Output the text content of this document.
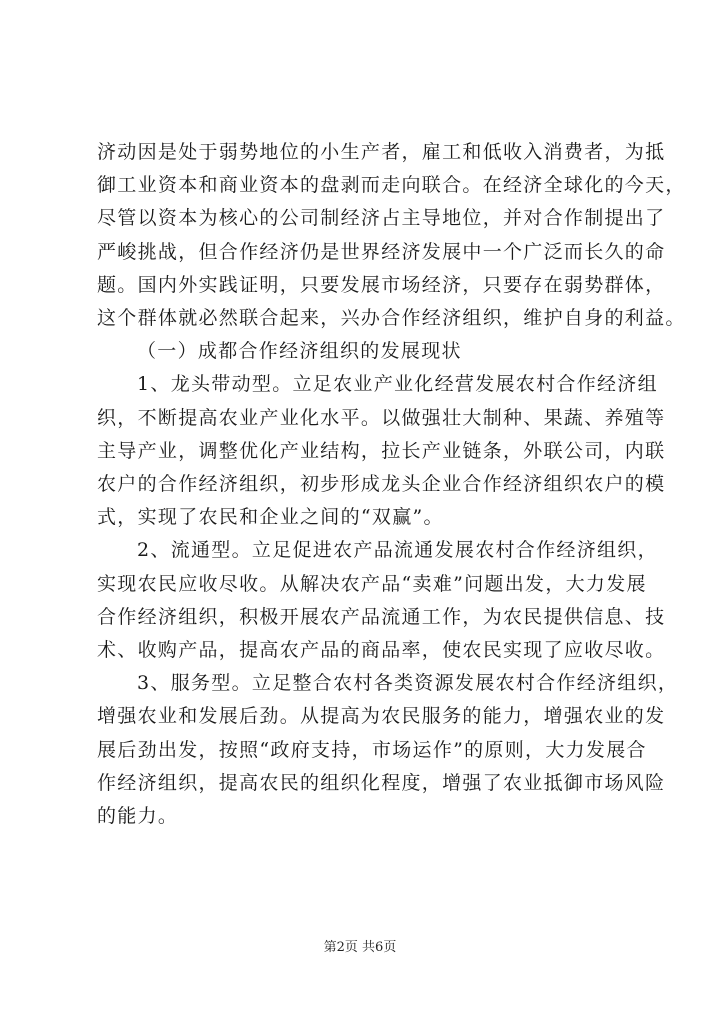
济动因是处于弱势地位的小生产者，雇工和低收入消费者，为抵
御工业资本和商业资本的盘剥而走向联合。在经济全球化的今天，
尽管以资本为核心的公司制经济占主导地位，并对合作制提出了
严峻挑战，但合作经济仍是世界经济发展中一个广泛而长久的命
题。国内外实践证明，只要发展市场经济，只要存在弱势群体，
这个群体就必然联合起来，兴办合作经济组织，维护自身的利益。
（一）成都合作经济组织的发展现状
1、龙头带动型。立足农业产业化经营发展农村合作经济组
织，不断提高农业产业化水平。以做强壮大制种、果蔬、养殖等
主导产业，调整优化产业结构，拉长产业链条，外联公司，内联
农户的合作经济组织，初步形成龙头企业合作经济组织农户的模
式，实现了农民和企业之间的“双赢”。
2、流通型。立足促进农产品流通发展农村合作经济组织，
实现农民应收尽收。从解决农产品“卖难”问题出发，大力发展
合作经济组织，积极开展农产品流通工作，为农民提供信息、技
术、收购产品，提高农产品的商品率，使农民实现了应收尽收。
3、服务型。立足整合农村各类资源发展农村合作经济组织，
增强农业和发展后劲。从提高为农民服务的能力，增强农业的发
展后劲出发，按照“政府支持，市场运作”的原则，大力发展合
作经济组织，提高农民的组织化程度，增强了农业抵御市场风险
的能力。
第2页 共6页
